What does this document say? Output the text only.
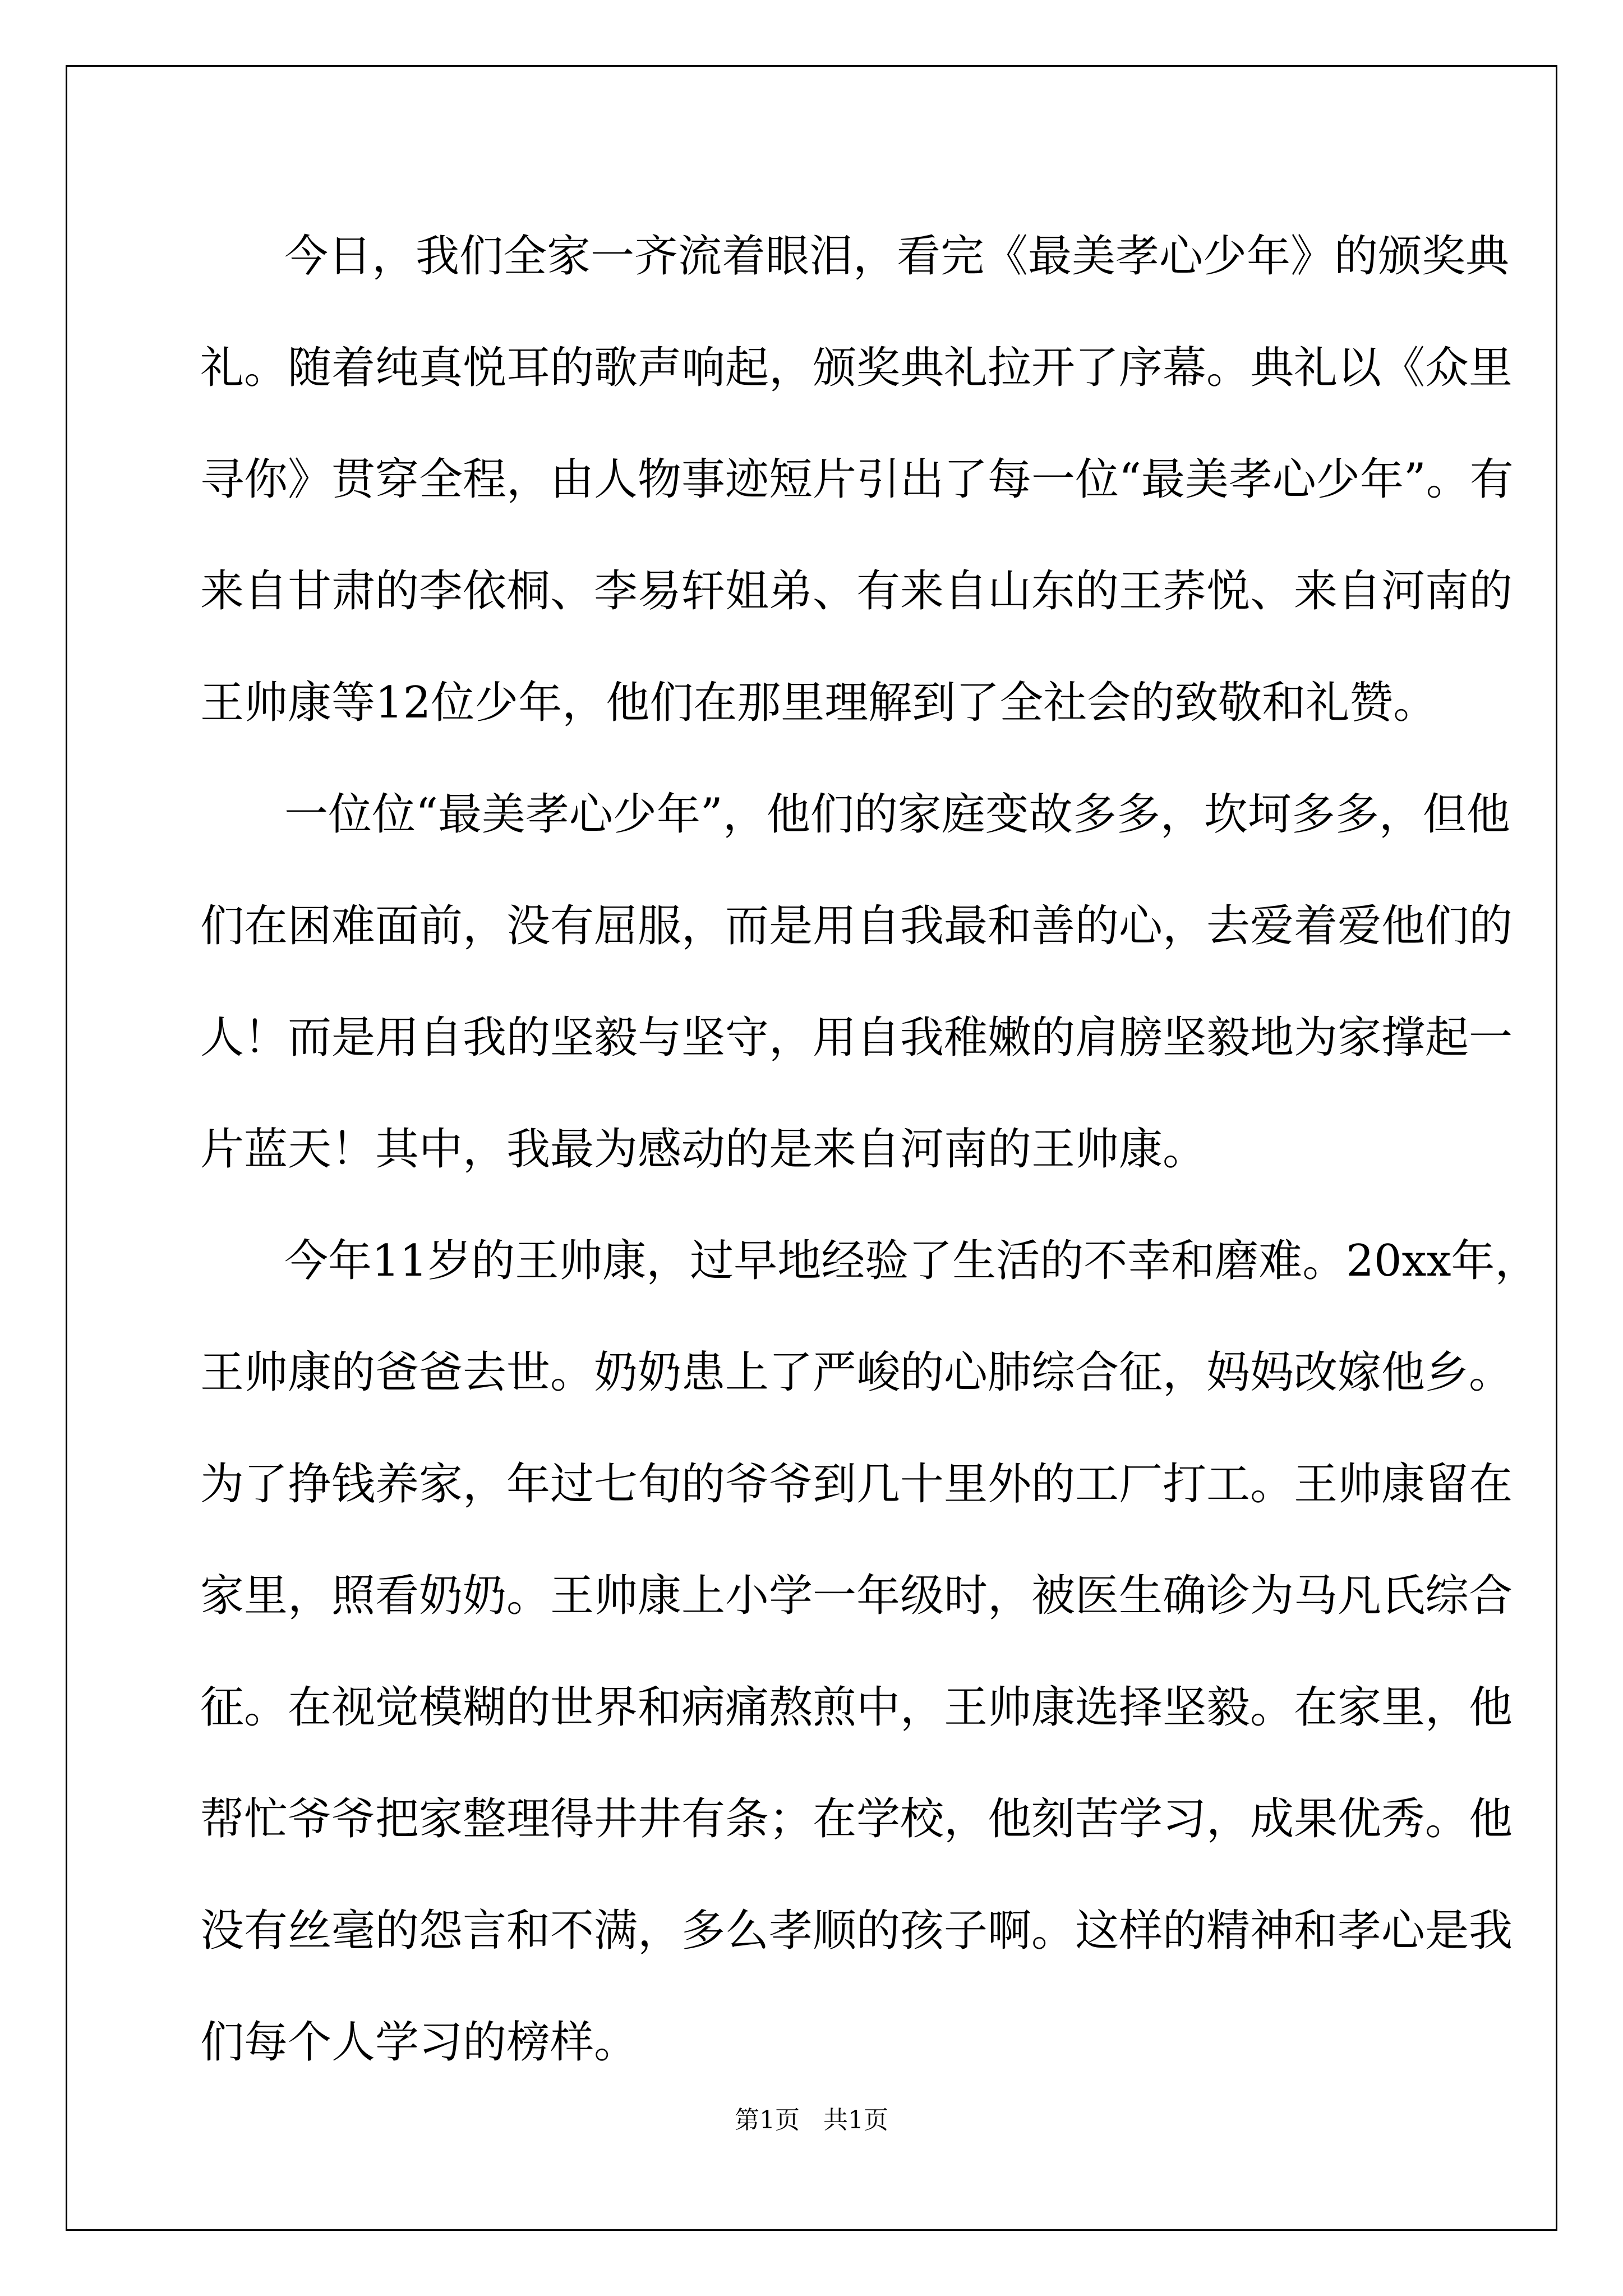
今日，我们全家一齐流着眼泪，看完《最美孝心少年》的颁奖典
礼。随着纯真悦耳的歌声响起，颁奖典礼拉开了序幕。典礼以《众里
寻你》贯穿全程，由人物事迹短片引出了每一位“最美孝心少年”。有
来自甘肃的李依桐、李易轩姐弟、有来自山东的王荞悦、来自河南的
王帅康等12位少年，他们在那里理解到了全社会的致敬和礼赞。
一位位“最美孝心少年”，他们的家庭变故多多，坎坷多多，但他
们在困难面前，没有屈服，而是用自我最和善的心，去爱着爱他们的
人！而是用自我的坚毅与坚守，用自我稚嫩的肩膀坚毅地为家撑起一
片蓝天！其中，我最为感动的是来自河南的王帅康。
今年11岁的王帅康，过早地经验了生活的不幸和磨难。20xx年，
王帅康的爸爸去世。奶奶患上了严峻的心肺综合征，妈妈改嫁他乡。
为了挣钱养家，年过七旬的爷爷到几十里外的工厂打工。王帅康留在
家里，照看奶奶。王帅康上小学一年级时，被医生确诊为马凡氏综合
征。在视觉模糊的世界和病痛熬煎中，王帅康选择坚毅。在家里，他
帮忙爷爷把家整理得井井有条；在学校，他刻苦学习，成果优秀。他
没有丝毫的怨言和不满，多么孝顺的孩子啊。这样的精神和孝心是我
们每个人学习的榜样。
第1页   共1页
